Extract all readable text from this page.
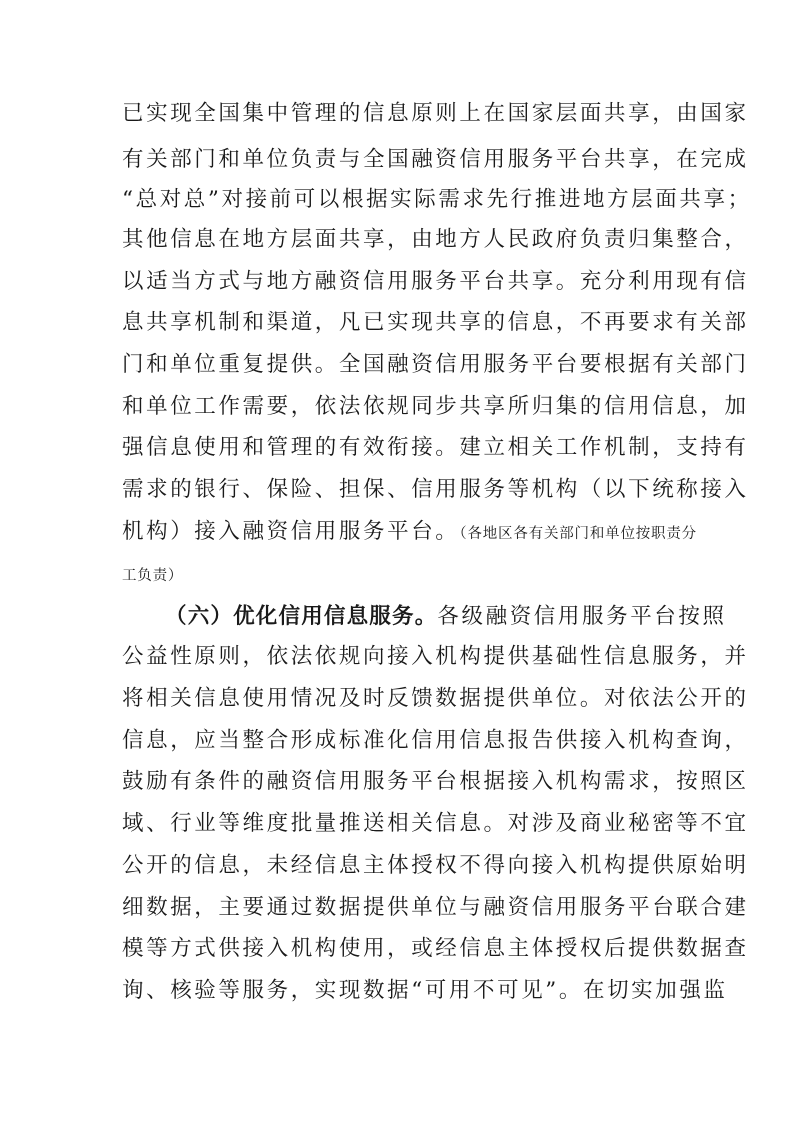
已实现全国集中管理的信息原则上在国家层面共享，由国家
有关部门和单位负责与全国融资信用服务平台共享，在完成
“总对总”对接前可以根据实际需求先行推进地方层面共享；
其他信息在地方层面共享，由地方人民政府负责归集整合，
以适当方式与地方融资信用服务平台共享。充分利用现有信
息共享机制和渠道，凡已实现共享的信息，不再要求有关部
门和单位重复提供。全国融资信用服务平台要根据有关部门
和单位工作需要，依法依规同步共享所归集的信用信息，加
强信息使用和管理的有效衔接。建立相关工作机制，支持有
需求的银行、保险、担保、信用服务等机构（以下统称接入
机构）接入融资信用服务平台。（各地区各有关部门和单位按职责分
工负责）
（六）优化信用信息服务。各级融资信用服务平台按照
公益性原则，依法依规向接入机构提供基础性信息服务，并
将相关信息使用情况及时反馈数据提供单位。对依法公开的
信息，应当整合形成标准化信用信息报告供接入机构查询，
鼓励有条件的融资信用服务平台根据接入机构需求，按照区
域、行业等维度批量推送相关信息。对涉及商业秘密等不宜
公开的信息，未经信息主体授权不得向接入机构提供原始明
细数据，主要通过数据提供单位与融资信用服务平台联合建
模等方式供接入机构使用，或经信息主体授权后提供数据查
询、核验等服务，实现数据“可用不可见”。在切实加强监
